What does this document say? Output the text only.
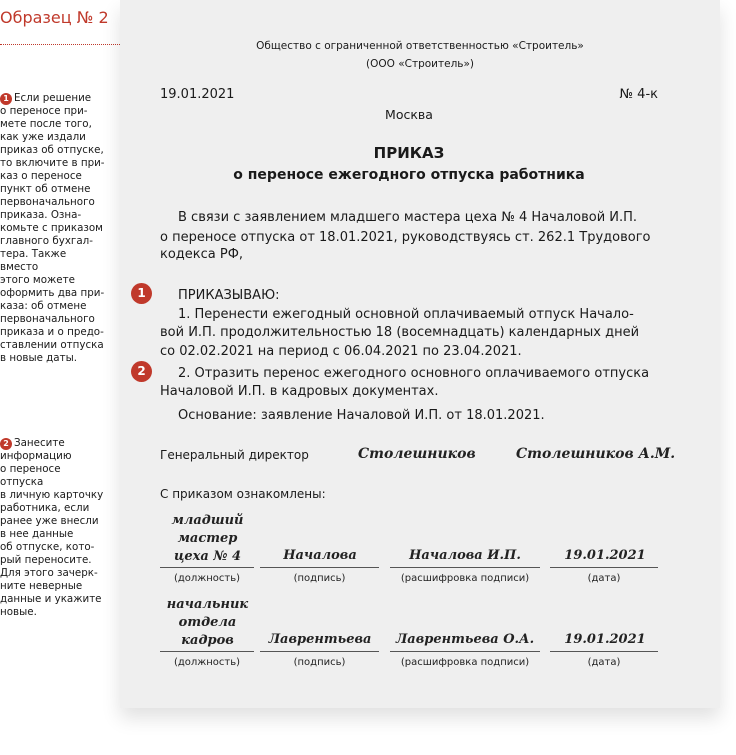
Образец № 2

1 Если решение

о переносе при-

мете после того,

как уже издали

приказ об отпуске,

то включите в при-

каз о переносе

пункт об отмене

первоначального

приказа. Озна-

комьте с приказом

главного бухгал-

тера. Также вместо

этого можете

оформить два при-

каза: об отмене

первоначального

приказа и о предо-

ставлении отпуска

в новые даты.

2 Занесите

информацию

о переносе отпуска

в личную карточку

работника, если

ранее уже внесли

в нее данные

об отпуске, кото-

рый переносите.

Для этого зачерк-

ните неверные

данные и укажите

новые.

Общество с ограниченной ответственностью «Строитель»
(ООО «Строитель»)
19.01.2021	№ 4-к
Москва
ПРИКАЗ
о переносе ежегодного отпуска работника
В связи с заявлением младшего мастера цеха № 4 Началовой И.П.
о переносе отпуска от 18.01.2021, руководствуясь ст. 262.1 Трудового
кодекса РФ,
1	ПРИКАЗЫВАЮ:
1. Перенести ежегодный основной оплачиваемый отпуск Начало-
вой И.П. продолжительностью 18 (восемнадцать) календарных дней
со 02.02.2021 на период с 06.04.2021 по 23.04.2021.
2	2. Отразить перенос ежегодного основного оплачиваемого отпуска
Началовой И.П. в кадровых документах.
Основание: заявление Началовой И.П. от 18.01.2021.
Генеральный директор	Столешников	Столешников А.М.
С приказом ознакомлены:
младший
мастер
цеха № 4	Началова	Началова И.П.	19.01.2021
(должность)	(подпись)	(расшифровка подписи)	(дата)
начальник
отдела
кадров	Лаврентьева	Лаврентьева О.А.	19.01.2021
(должность)	(подпись)	(расшифровка подписи)	(дата)
